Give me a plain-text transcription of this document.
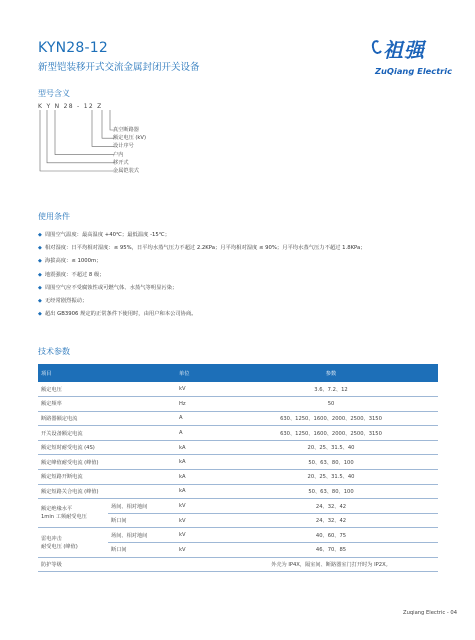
KYN28-12
新型铠装移开式交流金属封闭开关设备
祖强
ZuQiang Electric
型号含义
K Y N 28 - 12 Z
真空断路器
额定电压 (kV)
设计序号
户内
移开式
金属铠装式
使用条件
◆ 周围空气温度：最高温度 +40℃；最低温度 -15℃；
◆ 相对湿度：日平均相对湿度：≤ 95%，日平均水蒸气压力不超过 2.2KPa；月平均相对湿度 ≤ 90%；月平均水蒸气压力不超过 1.8KPa；
◆ 海拔高度：≤ 1000m；
◆ 地震强度：不超过 8 级；
◆ 周围空气应不受腐蚀性或可燃气体、水蒸气等明显污染；
◆ 无经常剧烈振动；
◆ 超出 GB3906 规定的正常条件下使用时，由用户和本公司协商。
技术参数
项目		单位	参数
额定电压		kV	3.6、7.2、12
额定频率		Hz	50
断路器额定电流		A	630、1250、1600、2000、2500、3150
开关设备额定电流		A	630、1250、1600、2000、2500、3150
额定短时耐受电流 (4S)		kA	20、25、31.5、40
额定峰值耐受电流 (峰值)		kA	50、63、80、100
额定短路开断电流		kA	20、25、31.5、40
额定短路关合电流 (峰值)		kA	50、63、80、100

额定绝缘水平
1min 工频耐受电压	场间、相对地间	kV	24、32、42
	断口间	kV	24、32、42

雷电冲击
耐受电压 (峰值)	场间、相对地间	kV	40、60、75
	断口间	kV	46、70、85
防护等级			外壳为 IP4X，隔室间、断路器室门打开时为 IP2X。
Zuqiang Electric - 04
